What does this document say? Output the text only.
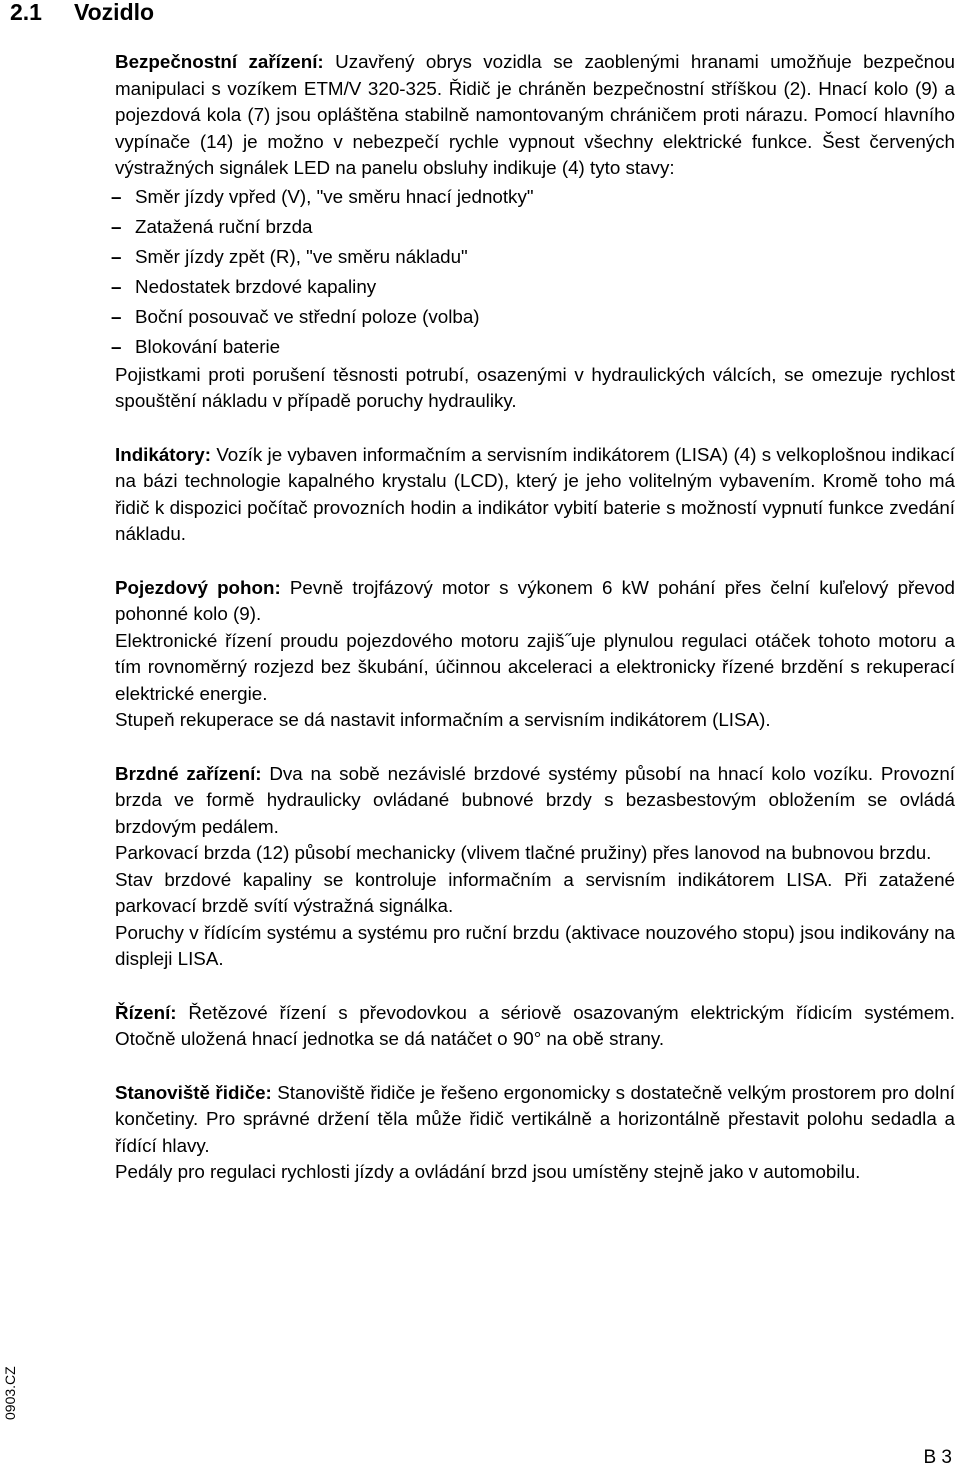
2.1 Vozidlo

Bezpečnostní zařízení: Uzavřený obrys vozidla se zaoblenými hranami umožňuje bezpečnou manipulaci s vozíkem ETM/V 320-325. Řidič je chráněn bezpečnostní stříškou (2). Hnací kolo (9) a pojezdová kola (7) jsou opláštěna stabilně namontovaným chráničem proti nárazu. Pomocí hlavního vypínače (14) je možno v nebezpečí rychle vypnout všechny elektrické funkce. Šest červených výstražných signálek LED na panelu obsluhy indikuje (4) tyto stavy:

– Směr jízdy vpřed (V), "ve směru hnací jednotky"
– Zatažená ruční brzda
– Směr jízdy zpět (R), "ve směru nákladu"
– Nedostatek brzdové kapaliny
– Boční posouvač ve střední poloze (volba)
– Blokování baterie

Pojistkami proti porušení těsnosti potrubí, osazenými v hydraulických válcích, se omezuje rychlost spouštění nákladu v případě poruchy hydrauliky.

Indikátory: Vozík je vybaven informačním a servisním indikátorem (LISA) (4) s velkoplošnou indikací na bázi technologie kapalného krystalu (LCD), který je jeho volitelným vybavením. Kromě toho má řidič k dispozici počítač provozních hodin a indikátor vybití baterie s možností vypnutí funkce zvedání nákladu.

Pojezdový pohon: Pevně trojfázový motor s výkonem 6 kW pohání přes čelní kuľelový převod pohonné kolo (9).

Elektronické řízení proudu pojezdového motoru zajiš˝uje plynulou regulaci otáček tohoto motoru a tím rovnoměrný rozjezd bez škubání, účinnou akceleraci a elektronicky řízené brzdění s rekuperací elektrické energie.

Stupeň rekuperace se dá nastavit informačním a servisním indikátorem (LISA).

Brzdné zařízení: Dva na sobě nezávislé brzdové systémy působí na hnací kolo vozíku. Provozní brzda ve formě hydraulicky ovládané bubnové brzdy s bezasbestovým obložením se ovládá brzdovým pedálem.

Parkovací brzda (12) působí mechanicky (vlivem tlačné pružiny) přes lanovod na bubnovou brzdu.

Stav brzdové kapaliny se kontroluje informačním a servisním indikátorem LISA. Při zatažené parkovací brzdě svítí výstražná signálka.

Poruchy v řídícím systému a systému pro ruční brzdu (aktivace nouzového stopu) jsou indikovány na displeji LISA.

Řízení: Řetězové řízení s převodovkou a sériově osazovaným elektrickým řídicím systémem. Otočně uložená hnací jednotka se dá natáčet o 90° na obě strany.

Stanoviště řidiče: Stanoviště řidiče je řešeno ergonomicky s dostatečně velkým prostorem pro dolní končetiny. Pro správné držení těla může řidič vertikálně a horizontálně přestavit polohu sedadla a řídící hlavy.

Pedály pro regulaci rychlosti jízdy a ovládání brzd jsou umístěny stejně jako v automobilu.

0903.CZ
B 3
